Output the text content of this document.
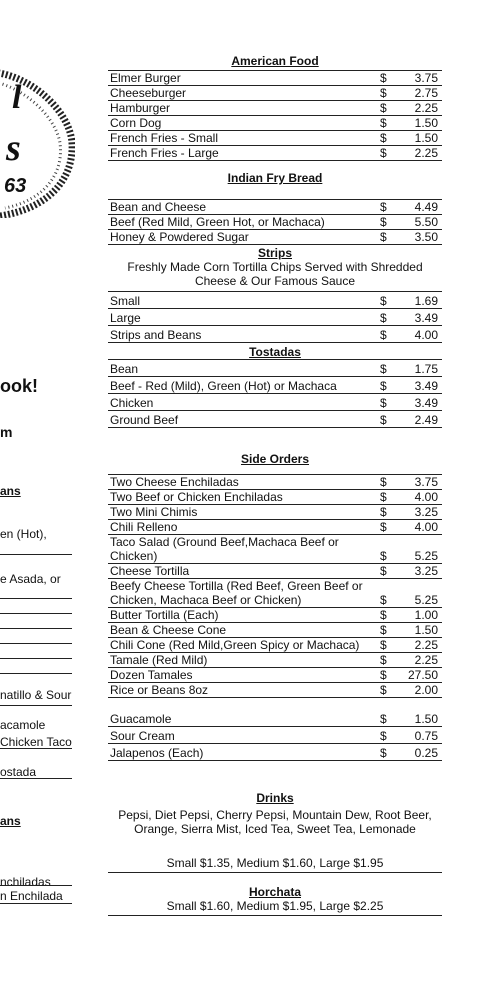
l
s
63
ook!
m
ans
en (Hot),
e Asada, or
natillo & Sour
acamole
Chicken Taco
ostada
ans
nchiladas
n Enchilada
American Food
Elmer Burger	$	3.75
Cheeseburger	$	2.75
Hamburger	$	2.25
Corn Dog	$	1.50
French Fries - Small	$	1.50
French Fries - Large	$	2.25
Indian Fry Bread
Bean and Cheese	$	4.49
Beef (Red Mild, Green Hot, or Machaca)	$	5.50
Honey & Powdered Sugar	$	3.50
Strips
Freshly Made Corn Tortilla Chips Served with Shredded
Cheese & Our Famous Sauce
Small	$	1.69
Large	$	3.49
Strips and Beans	$	4.00
Tostadas
Bean	$	1.75
Beef - Red (Mild), Green (Hot) or Machaca	$	3.49
Chicken	$	3.49
Ground Beef	$	2.49
Side Orders
Two Cheese Enchiladas	$	3.75
Two Beef or Chicken Enchiladas	$	4.00
Two Mini Chimis	$	3.25
Chili Relleno	$	4.00
Taco Salad (Ground Beef,Machaca Beef or Chicken)	$	5.25
Cheese Tortilla	$	3.25
Beefy Cheese Tortilla (Red Beef, Green Beef or Chicken, Machaca Beef or Chicken)	$	5.25
Butter Tortilla (Each)	$	1.00
Bean & Cheese Cone	$	1.50
Chili Cone (Red Mild,Green Spicy or Machaca)	$	2.25
Tamale (Red Mild)	$	2.25
Dozen Tamales	$	27.50
Rice or Beans 8oz	$	2.00
Guacamole	$	1.50
Sour Cream	$	0.75
Jalapenos (Each)	$	0.25
Drinks
Pepsi, Diet Pepsi, Cherry Pepsi, Mountain Dew, Root Beer,
Orange, Sierra Mist, Iced Tea, Sweet Tea, Lemonade
Small $1.35, Medium $1.60, Large $1.95
Horchata
Small $1.60, Medium $1.95, Large $2.25
